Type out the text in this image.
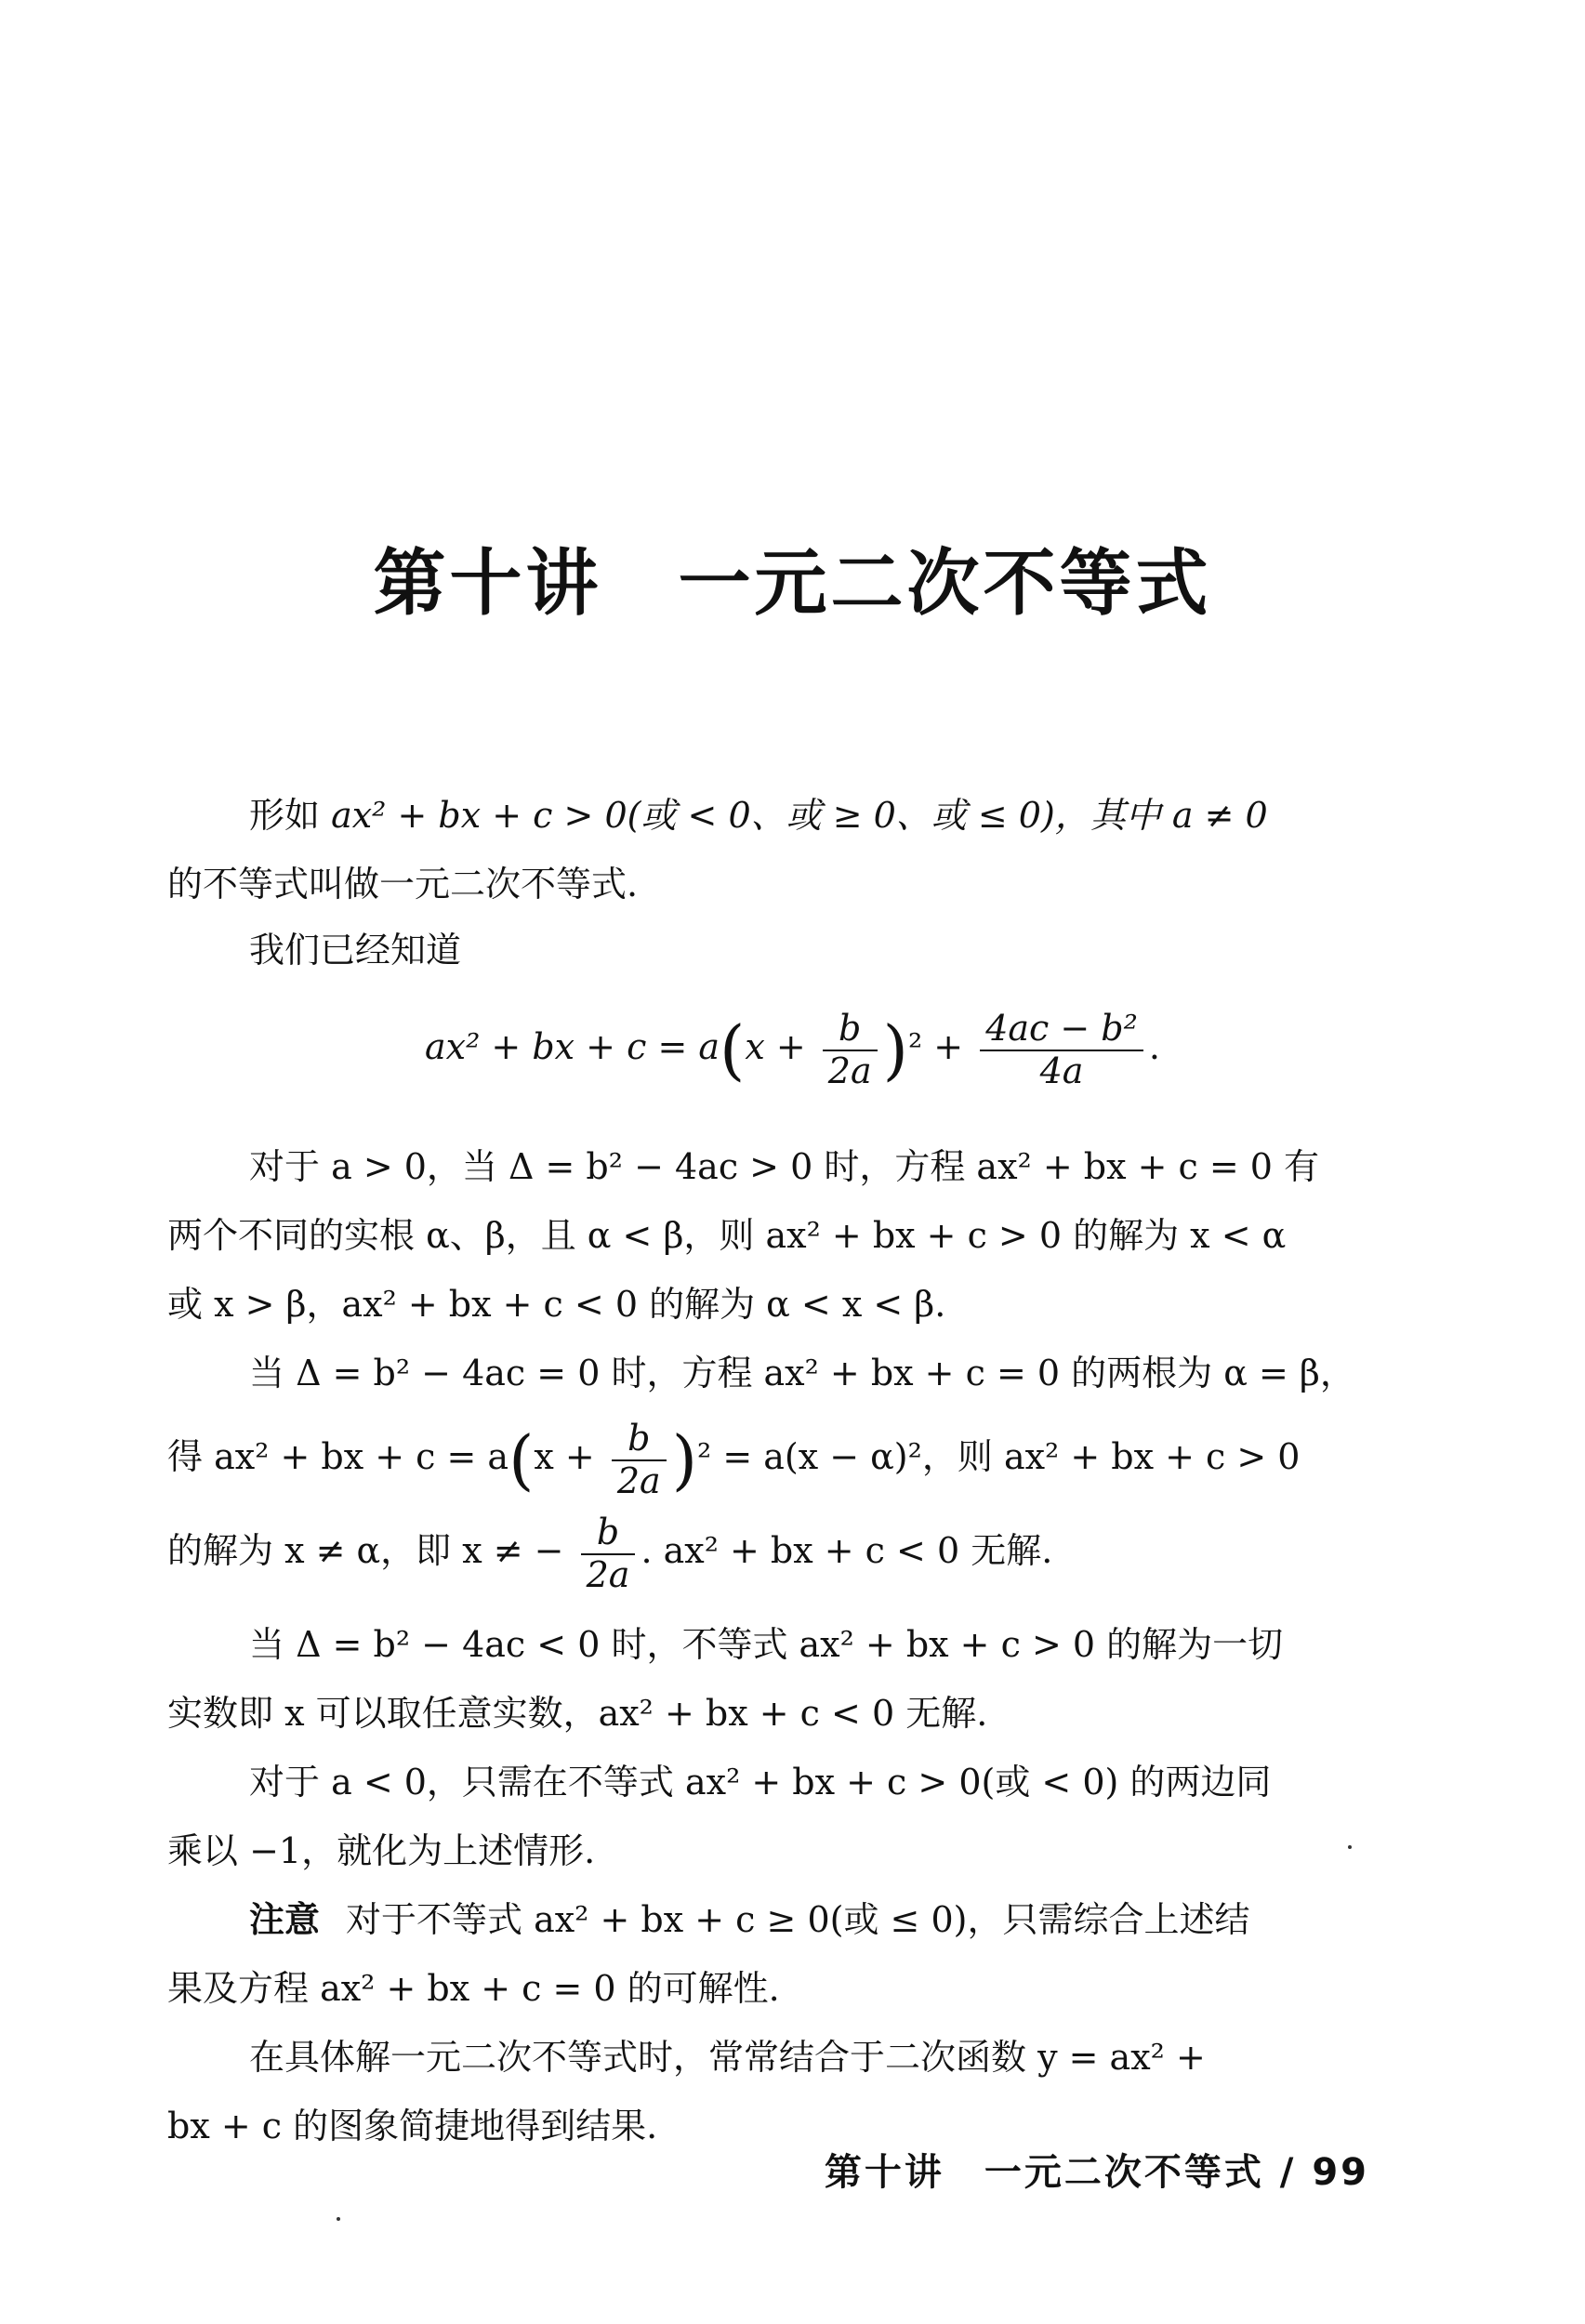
第十讲　一元二次不等式
形如 ax² + bx + c > 0(或 < 0、或 ≥ 0、或 ≤ 0)，其中 a ≠ 0
的不等式叫做一元二次不等式.
我们已经知道
ax² + bx + $c = a(x + \frac{b}{2a} )^2 + \frac{\text{4ac − b²}}{4a}$ .
对于 a > 0，当 Δ = b² − 4ac > 0 时，方程 ax² + bx + c = 0 有
两个不同的实根 α、β，且 α < β，则 ax² + bx + c > 0 的解为 x < α
或 x > β，ax² + bx + c < 0 的解为 α < x < β.
当 Δ = b² − 4ac = 0 时，方程 ax² + bx + c = 0 的两根为 α = β，
得 ax² + bx + $c = a(x + \frac{b}{2a} )^2 = a(x - \alpha)^2$，则 ax² + bx + c > 0
的解为 x ≠ α，即 x ≠ − $\frac{b}{2a}$ . ax² + bx + c < 0 无解.
当 Δ = b² − 4ac < 0 时，不等式 ax² + bx + c > 0 的解为一切
实数即 x 可以取任意实数，ax² + bx + c < 0 无解.
对于 a < 0，只需在不等式 ax² + bx + c > 0(或 < 0) 的两边同
乘以 −1，就化为上述情形.
注意 对于不等式 ax² + bx + c ≥ 0(或 ≤ 0)，只需综合上述结
果及方程 ax² + bx + c = 0 的可解性.
在具体解一元二次不等式时，常常结合于二次函数 y = ax² +
bx + c 的图象简捷地得到结果.
第十讲　一元二次不等式 / 99
